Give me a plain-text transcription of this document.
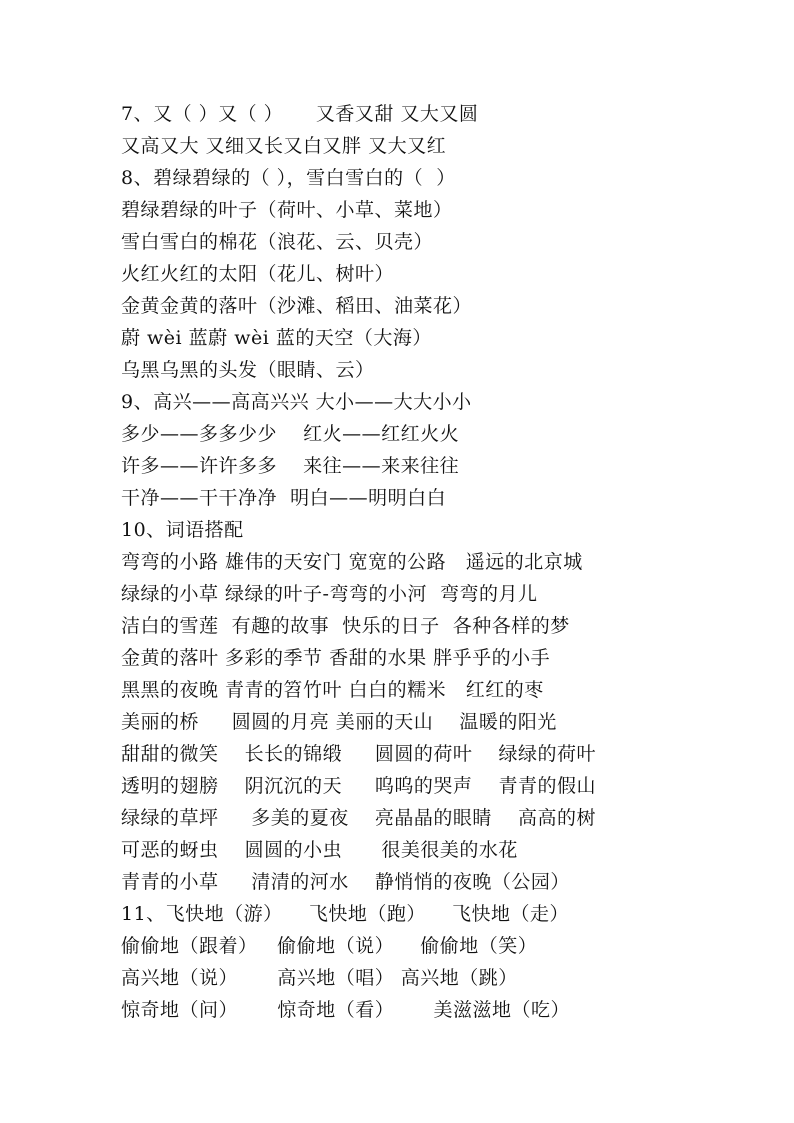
7、又（ ）又（ ）     又香又甜 又大又圆
又高又大 又细又长又白又胖 又大又红
8、碧绿碧绿的（ ），雪白雪白的（  ）
碧绿碧绿的叶子（荷叶、小草、菜地）
雪白雪白的棉花（浪花、云、贝壳）
火红火红的太阳（花儿、树叶）
金黄金黄的落叶（沙滩、稻田、油菜花）
蔚 wèi 蓝蔚 wèi 蓝的天空（大海）
乌黑乌黑的头发（眼睛、云）
9、高兴——高高兴兴 大小——大大小小
多少——多多少少    红火——红红火火
许多——许许多多    来往——来来往往
干净——干干净净  明白——明明白白
10、词语搭配
弯弯的小路 雄伟的天安门 宽宽的公路   遥远的北京城
绿绿的小草 绿绿的叶子-弯弯的小河  弯弯的月儿
洁白的雪莲  有趣的故事  快乐的日子  各种各样的梦
金黄的落叶 多彩的季节 香甜的水果 胖乎乎的小手
黑黑的夜晚 青青的笤竹叶 白白的糯米   红红的枣
美丽的桥     圆圆的月亮 美丽的天山    温暖的阳光
甜甜的微笑    长长的锦缎     圆圆的荷叶    绿绿的荷叶
透明的翅膀    阴沉沉的天     呜呜的哭声    青青的假山
绿绿的草坪     多美的夏夜    亮晶晶的眼睛    高高的树
可恶的蚜虫    圆圆的小虫      很美很美的水花
青青的小草     清清的河水    静悄悄的夜晚（公园）
11、飞快地（游）    飞快地（跑）    飞快地（走）
偷偷地（跟着）   偷偷地（说）    偷偷地（笑）
高兴地（说）      高兴地（唱） 高兴地（跳）
惊奇地（问）      惊奇地（看）      美滋滋地（吃）
